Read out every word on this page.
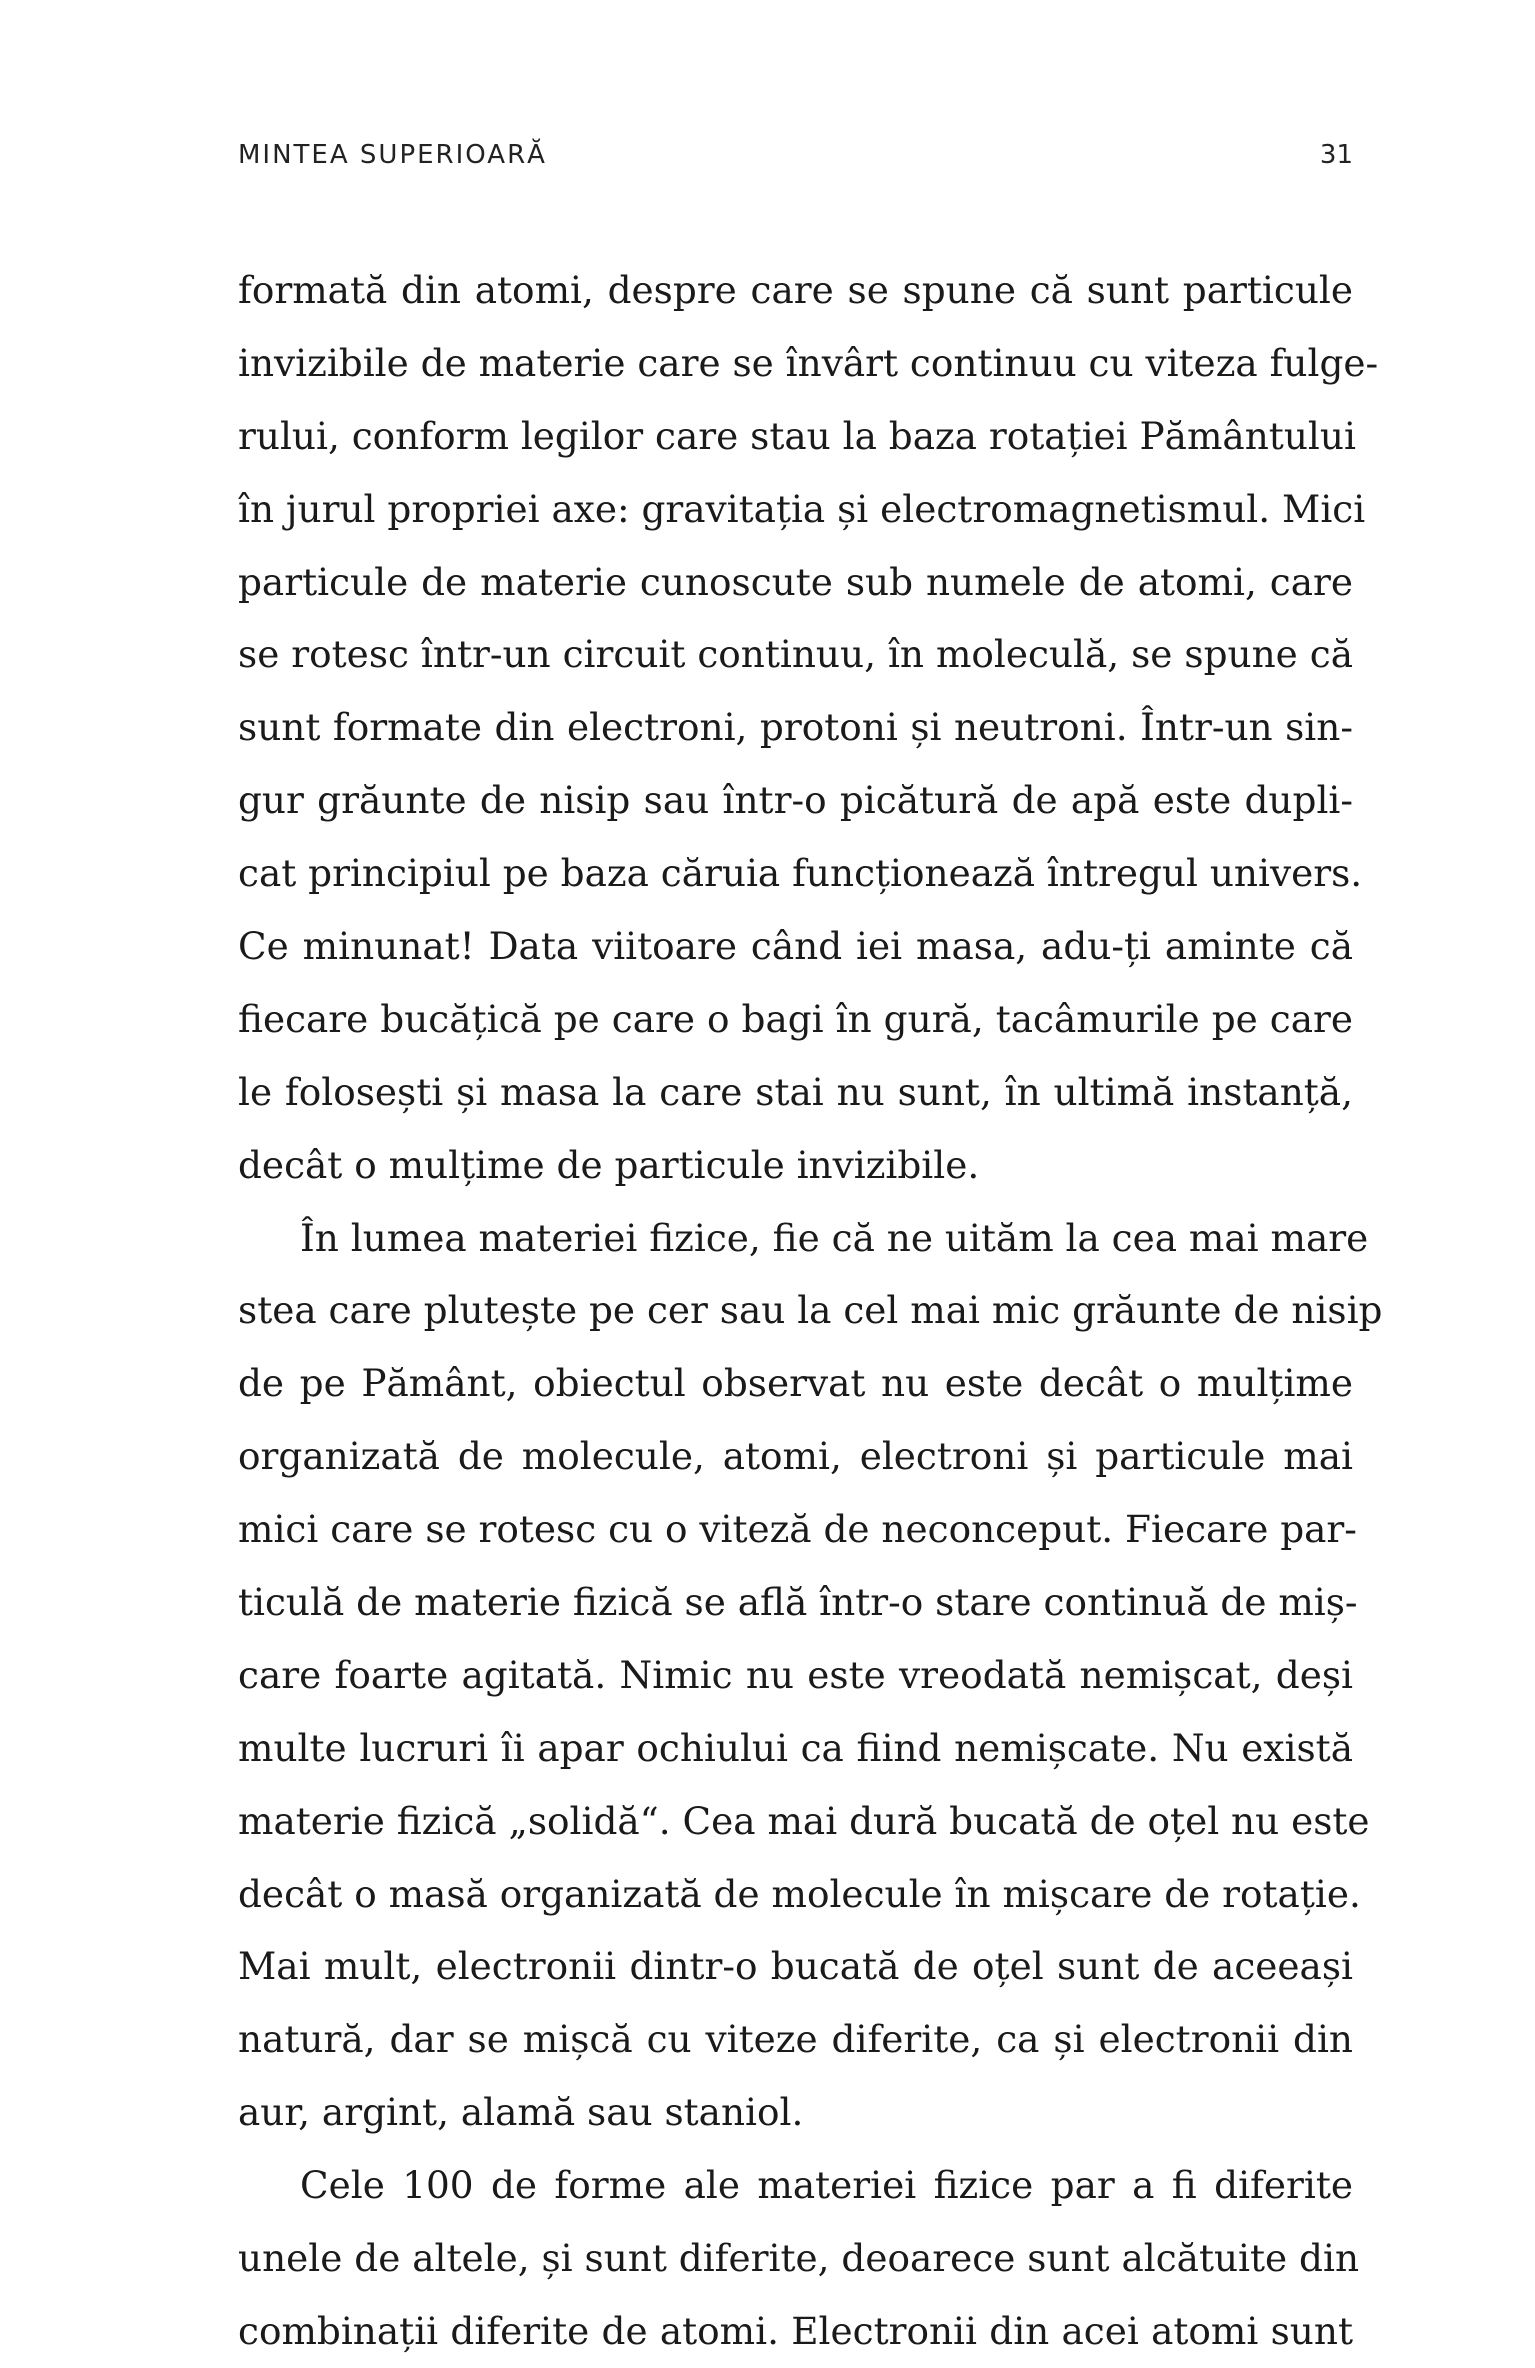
MINTEA SUPERIOARĂ	31
formată din atomi, despre care se spune că sunt particule
invizibile de materie care se învârt continuu cu viteza fulge-
rului, conform legilor care stau la baza rotației Pământului
în jurul propriei axe: gravitația și electromagnetismul. Mici
particule de materie cunoscute sub numele de atomi, care
se rotesc într-un circuit continuu, în moleculă, se spune că
sunt formate din electroni, protoni și neutroni. Într-un sin-
gur grăunte de nisip sau într-o picătură de apă este dupli-
cat principiul pe baza căruia funcționează întregul univers.
Ce minunat! Data viitoare când iei masa, adu-ți aminte că
fiecare bucățică pe care o bagi în gură, tacâmurile pe care
le folosești și masa la care stai nu sunt, în ultimă instanță,
decât o mulțime de particule invizibile.
În lumea materiei fizice, fie că ne uităm la cea mai mare
stea care plutește pe cer sau la cel mai mic grăunte de nisip
de pe Pământ, obiectul observat nu este decât o mulțime
organizată de molecule, atomi, electroni și particule mai
mici care se rotesc cu o viteză de neconceput. Fiecare par-
ticulă de materie fizică se află într-o stare continuă de miș-
care foarte agitată. Nimic nu este vreodată nemișcat, deși
multe lucruri îi apar ochiului ca fiind nemișcate. Nu există
materie fizică „solidă“. Cea mai dură bucată de oțel nu este
decât o masă organizată de molecule în mișcare de rotație.
Mai mult, electronii dintr-o bucată de oțel sunt de aceeași
natură, dar se mișcă cu viteze diferite, ca și electronii din
aur, argint, alamă sau staniol.
Cele 100 de forme ale materiei fizice par a fi diferite
unele de altele, și sunt diferite, deoarece sunt alcătuite din
combinații diferite de atomi. Electronii din acei atomi sunt
